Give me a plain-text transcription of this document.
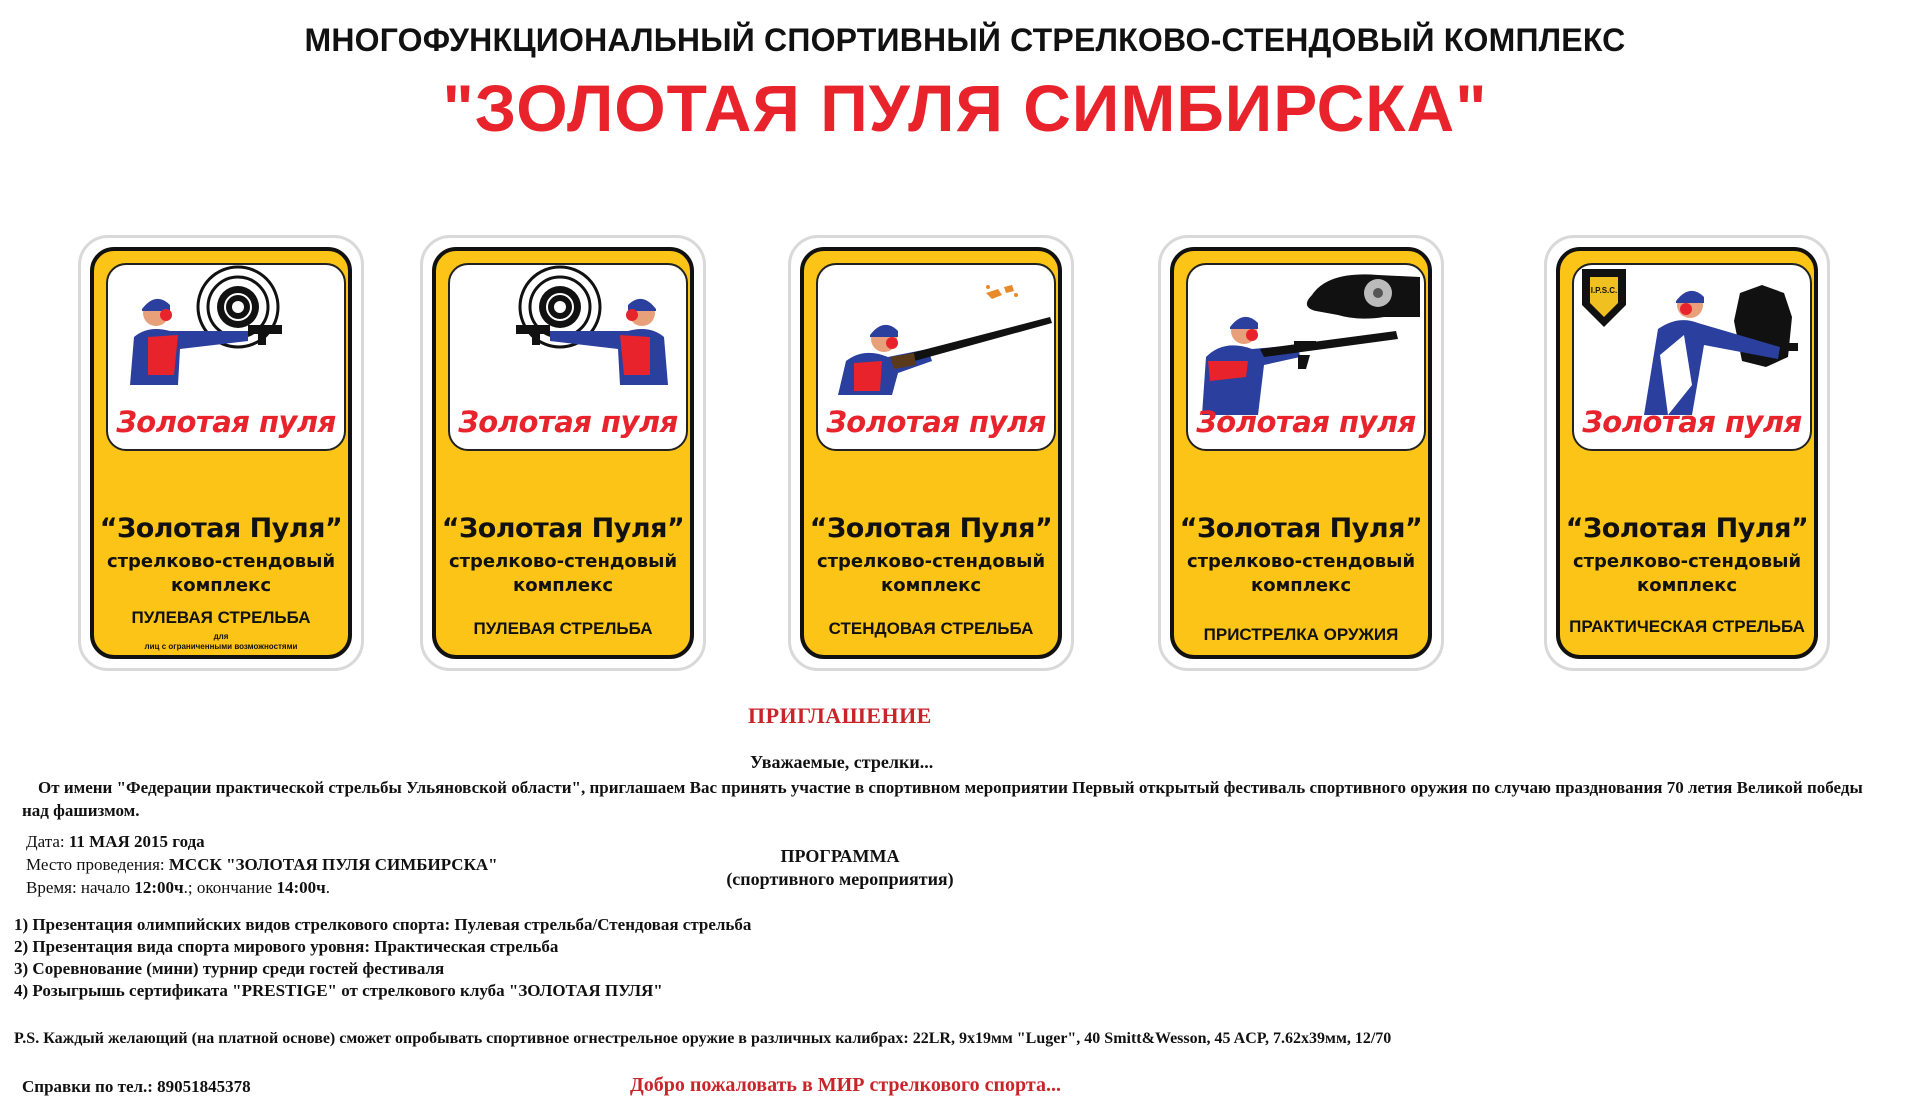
МНОГОФУНКЦИОНАЛЬНЫЙ СПОРТИВНЫЙ СТРЕЛКОВО-СТЕНДОВЫЙ КОМПЛЕКС
"ЗОЛОТАЯ ПУЛЯ СИМБИРСКА"
Золотая пуля
“Золотая Пуля”
стрелково-стендовый комплекс
ПУЛЕВАЯ СТРЕЛЬБА
для
лиц с ограниченными возможностями
Золотая пуля
“Золотая Пуля”
стрелково-стендовый комплекс
ПУЛЕВАЯ СТРЕЛЬБА
Золотая пуля
“Золотая Пуля”
стрелково-стендовый комплекс
СТЕНДОВАЯ СТРЕЛЬБА
Золотая пуля
“Золотая Пуля”
стрелково-стендовый комплекс
ПРИСТРЕЛКА ОРУЖИЯ
I.P.S.C.
Золотая пуля
“Золотая Пуля”
стрелково-стендовый комплекс
ПРАКТИЧЕСКАЯ СТРЕЛЬБА
ПРИГЛАШЕНИЕ
Уважаемые, стрелки...
От имени "Федерации практической стрельбы Ульяновской области", приглашаем Вас принять участие в спортивном мероприятии Первый открытый фестиваль спортивного оружия по случаю празднования 70 летия Великой победы над фашизмом.
Дата: 11 МАЯ 2015 года
Место проведения: МССК "ЗОЛОТАЯ ПУЛЯ СИМБИРСКА"
Время: начало 12:00ч.; окончание 14:00ч.
ПРОГРАММА
(спортивного мероприятия)
1) Презентация олимпийских видов стрелкового спорта: Пулевая стрельба/Стендовая стрельба
2) Презентация вида спорта мирового уровня: Практическая стрельба
3) Соревнование (мини) турнир среди гостей фестиваля
4) Розыгрышь сертификата "PRESTIGE" от стрелкового клуба "ЗОЛОТАЯ ПУЛЯ"
P.S. Каждый желающий (на платной основе) сможет опробывать спортивное огнестрельное оружие в различных калибрах: 22LR, 9х19мм "Luger", 40 Smitt&Wesson, 45 ACP, 7.62х39мм, 12/70
Справки по тел.: 89051845378	Добро пожаловать в МИР стрелкового спорта...
